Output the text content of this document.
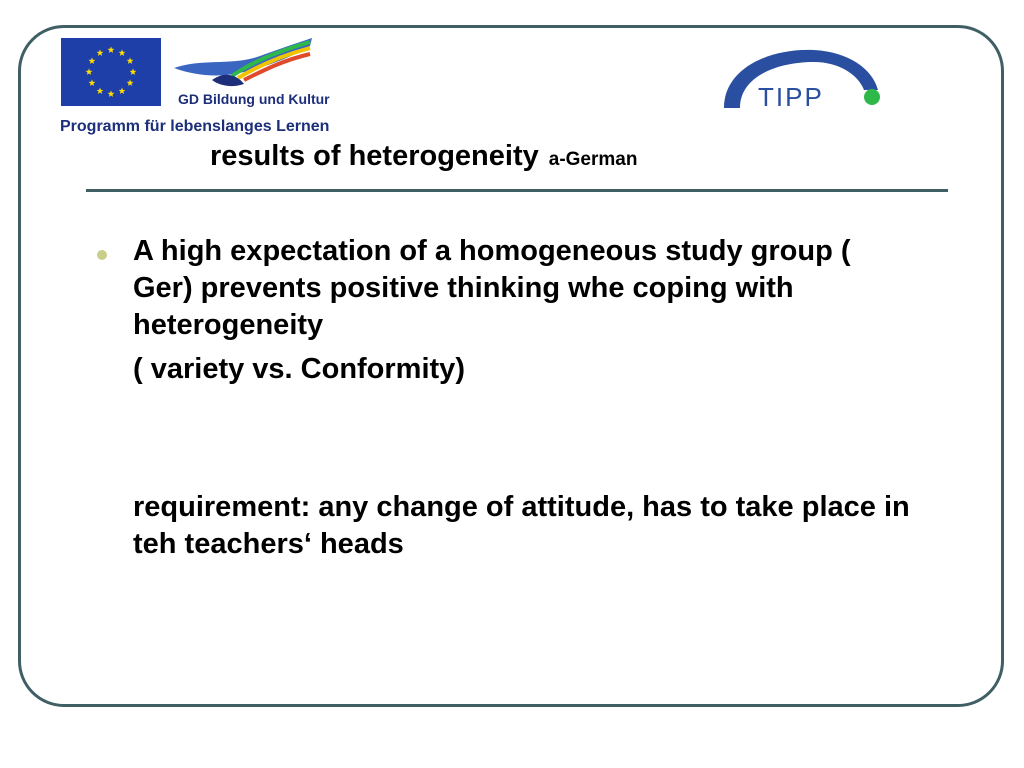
GD Bildung und Kultur
Programm für lebenslanges Lernen
TIPP
results of heterogeneity a-German

A high expectation of a homogeneous study group ( Ger) prevents positive thinking whe coping with heterogeneity

( variety vs. Conformity)

requirement: any change of attitude, has to take place in teh teachers‘ heads
